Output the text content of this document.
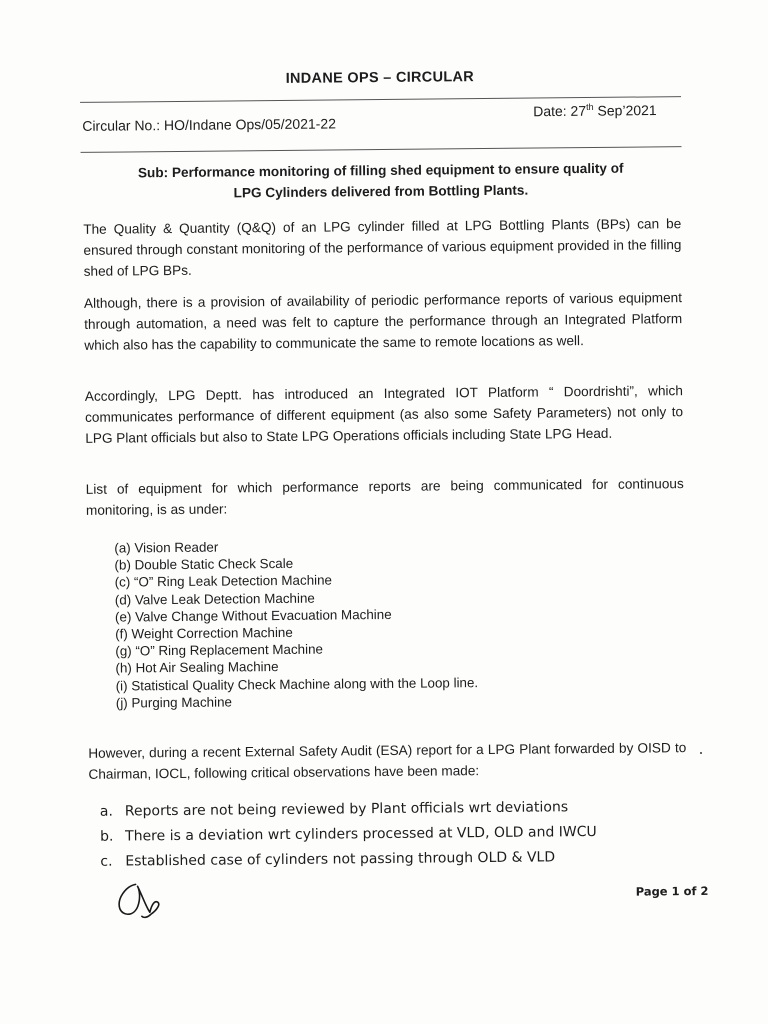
INDANE OPS – CIRCULAR
Circular No.: HO/Indane Ops/05/2021-22
Date: 27th Sep’2021
Sub: Performance monitoring of filling shed equipment to ensure quality of
LPG Cylinders delivered from Bottling Plants.
The Quality & Quantity (Q&Q) of an LPG cylinder filled at LPG Bottling Plants (BPs) can be ensured through constant monitoring of the performance of various equipment provided in the filling shed of LPG BPs.
Although, there is a provision of availability of periodic performance reports of various equipment through automation, a need was felt to capture the performance through an Integrated Platform which also has the capability to communicate the same to remote locations as well.
Accordingly, LPG Deptt. has introduced an Integrated IOT Platform “ Doordrishti”, which communicates performance of different equipment (as also some Safety Parameters) not only to LPG Plant officials but also to State LPG Operations officials including State LPG Head.
List of equipment for which performance reports are being communicated for continuous monitoring, is as under:
(a) Vision Reader
(b) Double Static Check Scale
(c) “O” Ring Leak Detection Machine
(d) Valve Leak Detection Machine
(e) Valve Change Without Evacuation Machine
(f) Weight Correction Machine
(g) “O” Ring Replacement Machine
(h) Hot Air Sealing Machine
(i) Statistical Quality Check Machine along with the Loop line.
(j) Purging Machine
However, during a recent External Safety Audit (ESA) report for a LPG Plant forwarded by OISD to Chairman, IOCL, following critical observations have been made:
a. Reports are not being reviewed by Plant officials wrt deviations
b. There is a deviation wrt cylinders processed at VLD, OLD and IWCU
c. Established case of cylinders not passing through OLD & VLD
Page 1 of 2
